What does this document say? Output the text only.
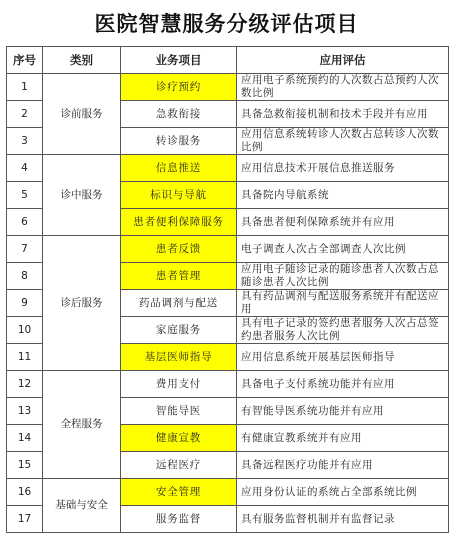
医院智慧服务分级评估项目
序号	类别	业务项目	应用评估
1	诊前服务	诊疗预约	应用电子系统预约的人次数占总预约人次数比例
2		急救衔接	具备急救衔接机制和技术手段并有应用
3		转诊服务	应用信息系统转诊人次数占总转诊人次数比例
4	诊中服务	信息推送	应用信息技术开展信息推送服务
5		标识与导航	具备院内导航系统
6		患者便利保障服务	具备患者便利保障系统并有应用
7	诊后服务	患者反馈	电子调查人次占全部调查人次比例
8		患者管理	应用电子随诊记录的随诊患者人次数占总随诊患者人次比例
9		药品调剂与配送	具有药品调剂与配送服务系统并有配送应用
10		家庭服务	具有电子记录的签约患者服务人次占总签约患者服务人次比例
11		基层医师指导	应用信息系统开展基层医师指导
12	全程服务	费用支付	具备电子支付系统功能并有应用
13		智能导医	有智能导医系统功能并有应用
14		健康宣教	有健康宣教系统并有应用
15		远程医疗	具备远程医疗功能并有应用
16	基础与安全	安全管理	应用身份认证的系统占全部系统比例
17		服务监督	具有服务监督机制并有监督记录
